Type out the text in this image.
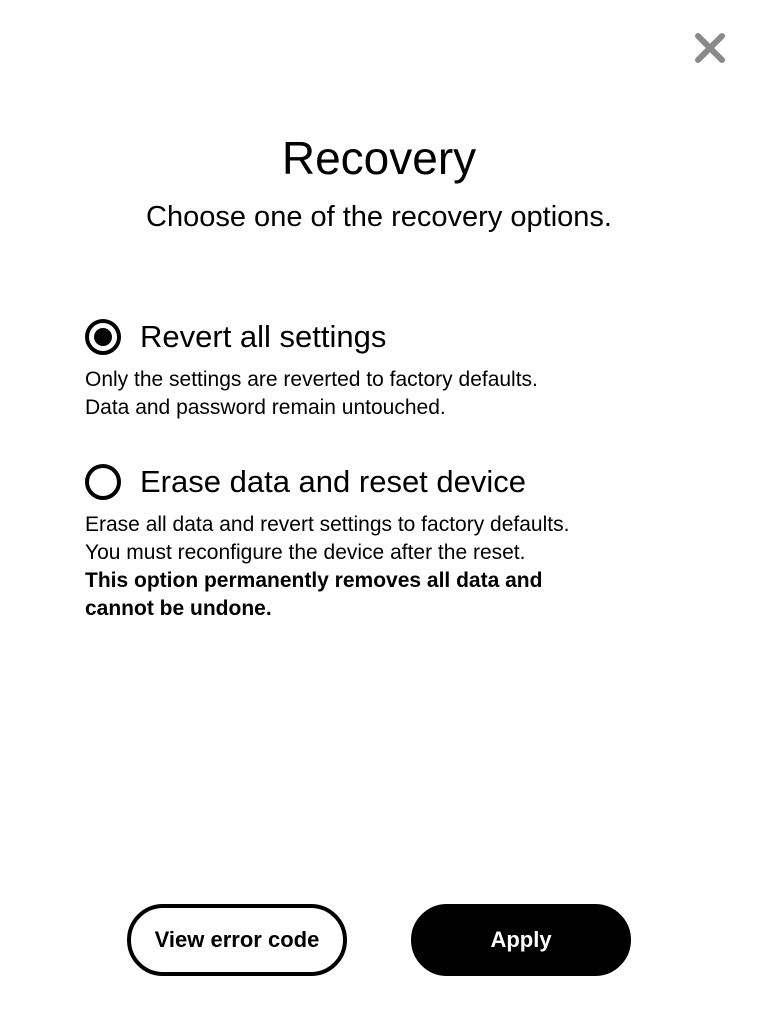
Recovery
Choose one of the recovery options.
Revert all settings
Only the settings are reverted to factory defaults.
Data and password remain untouched.
Erase data and reset device
Erase all data and revert settings to factory defaults.
You must reconfigure the device after the reset.
This option permanently removes all data and
cannot be undone.
View error code	Apply
